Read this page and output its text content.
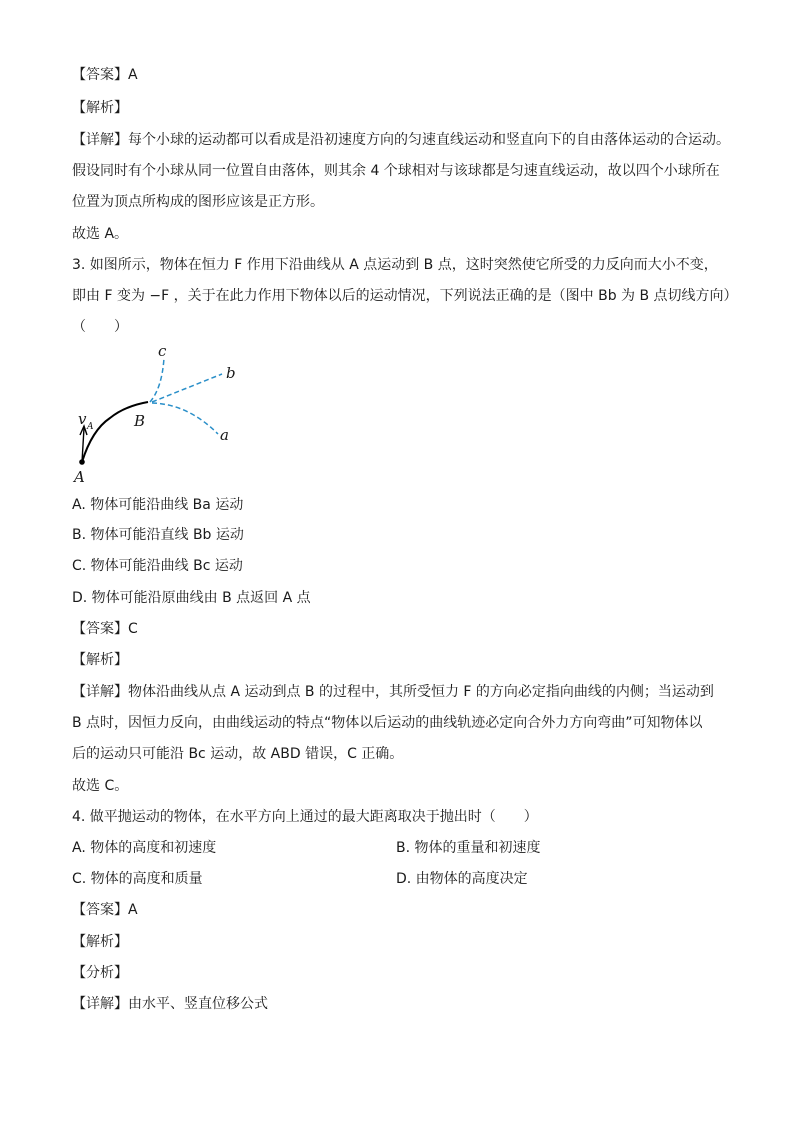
【答案】A
【解析】
【详解】每个小球的运动都可以看成是沿初速度方向的匀速直线运动和竖直向下的自由落体运动的合运动。
假设同时有个小球从同一位置自由落体，则其余 4 个球相对与该球都是匀速直线运动，故以四个小球所在
位置为顶点所构成的图形应该是正方形。
故选 A。
3. 如图所示，物体在恒力 F 作用下沿曲线从 A 点运动到 B 点，这时突然使它所受的力反向而大小不变，
即由 F 变为 −F ，关于在此力作用下物体以后的运动情况，下列说法正确的是（图中 Bb 为 B 点切线方向）
（　　）
c
b
B
v A	a
A
A. 物体可能沿曲线 Ba 运动
B. 物体可能沿直线 Bb 运动
C. 物体可能沿曲线 Bc 运动
D. 物体可能沿原曲线由 B 点返回 A 点
【答案】C
【解析】
【详解】物体沿曲线从点 A 运动到点 B 的过程中，其所受恒力 F 的方向必定指向曲线的内侧；当运动到
B 点时，因恒力反向，由曲线运动的特点“物体以后运动的曲线轨迹必定向合外力方向弯曲”可知物体以
后的运动只可能沿 Bc 运动，故 ABD 错误，C 正确。
故选 C。
4. 做平抛运动的物体，在水平方向上通过的最大距离取决于抛出时（　　）
A. 物体的高度和初速度	B. 物体的重量和初速度
C. 物体的高度和质量	D. 由物体的高度决定
【答案】A
【解析】
【分析】
【详解】由水平、竖直位移公式
